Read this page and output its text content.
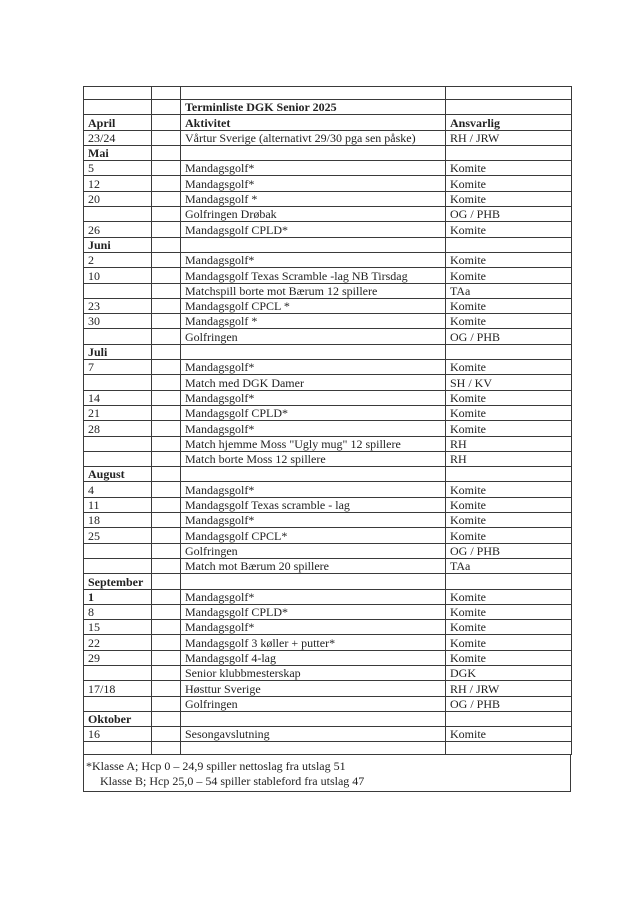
		Terminliste DGK Senior 2025	
April		Aktivitet	Ansvarlig
23/24		Vårtur Sverige (alternativt 29/30 pga sen påske)	RH / JRW
Mai			
5		Mandagsgolf*	Komite
12		Mandagsgolf*	Komite
20		Mandagsgolf *	Komite
		Golfringen Drøbak	OG / PHB
26		Mandagsgolf CPLD*	Komite
Juni			
2		Mandagsgolf*	Komite
10		Mandagsgolf Texas Scramble -lag NB Tirsdag	Komite
		Matchspill borte mot Bærum 12 spillere	TAa
23		Mandagsgolf CPCL *	Komite
30		Mandagsgolf *	Komite
		Golfringen	OG / PHB
Juli			
7		Mandagsgolf*	Komite
		Match med DGK Damer	SH / KV
14		Mandagsgolf*	Komite
21		Mandagsgolf CPLD*	Komite
28		Mandagsgolf*	Komite
		Match hjemme Moss "Ugly mug" 12 spillere	RH
		Match borte Moss 12 spillere	RH
August			
4		Mandagsgolf*	Komite
11		Mandagsgolf Texas scramble - lag	Komite
18		Mandagsgolf*	Komite
25		Mandagsgolf CPCL*	Komite
		Golfringen	OG / PHB
		Match mot Bærum 20 spillere	TAa
September			
1		Mandagsgolf*	Komite
8		Mandagsgolf CPLD*	Komite
15		Mandagsgolf*	Komite
22		Mandagsgolf 3 køller + putter*	Komite
29		Mandagsgolf 4-lag	Komite
		Senior klubbmesterskap	DGK
17/18		Høsttur Sverige	RH / JRW
		Golfringen	OG / PHB
Oktober			
16		Sesongavslutning	Komite

*Klasse A; Hcp 0 – 24,9 spiller nettoslag fra utslag 51
Klasse B; Hcp 25,0 – 54 spiller stableford fra utslag 47
